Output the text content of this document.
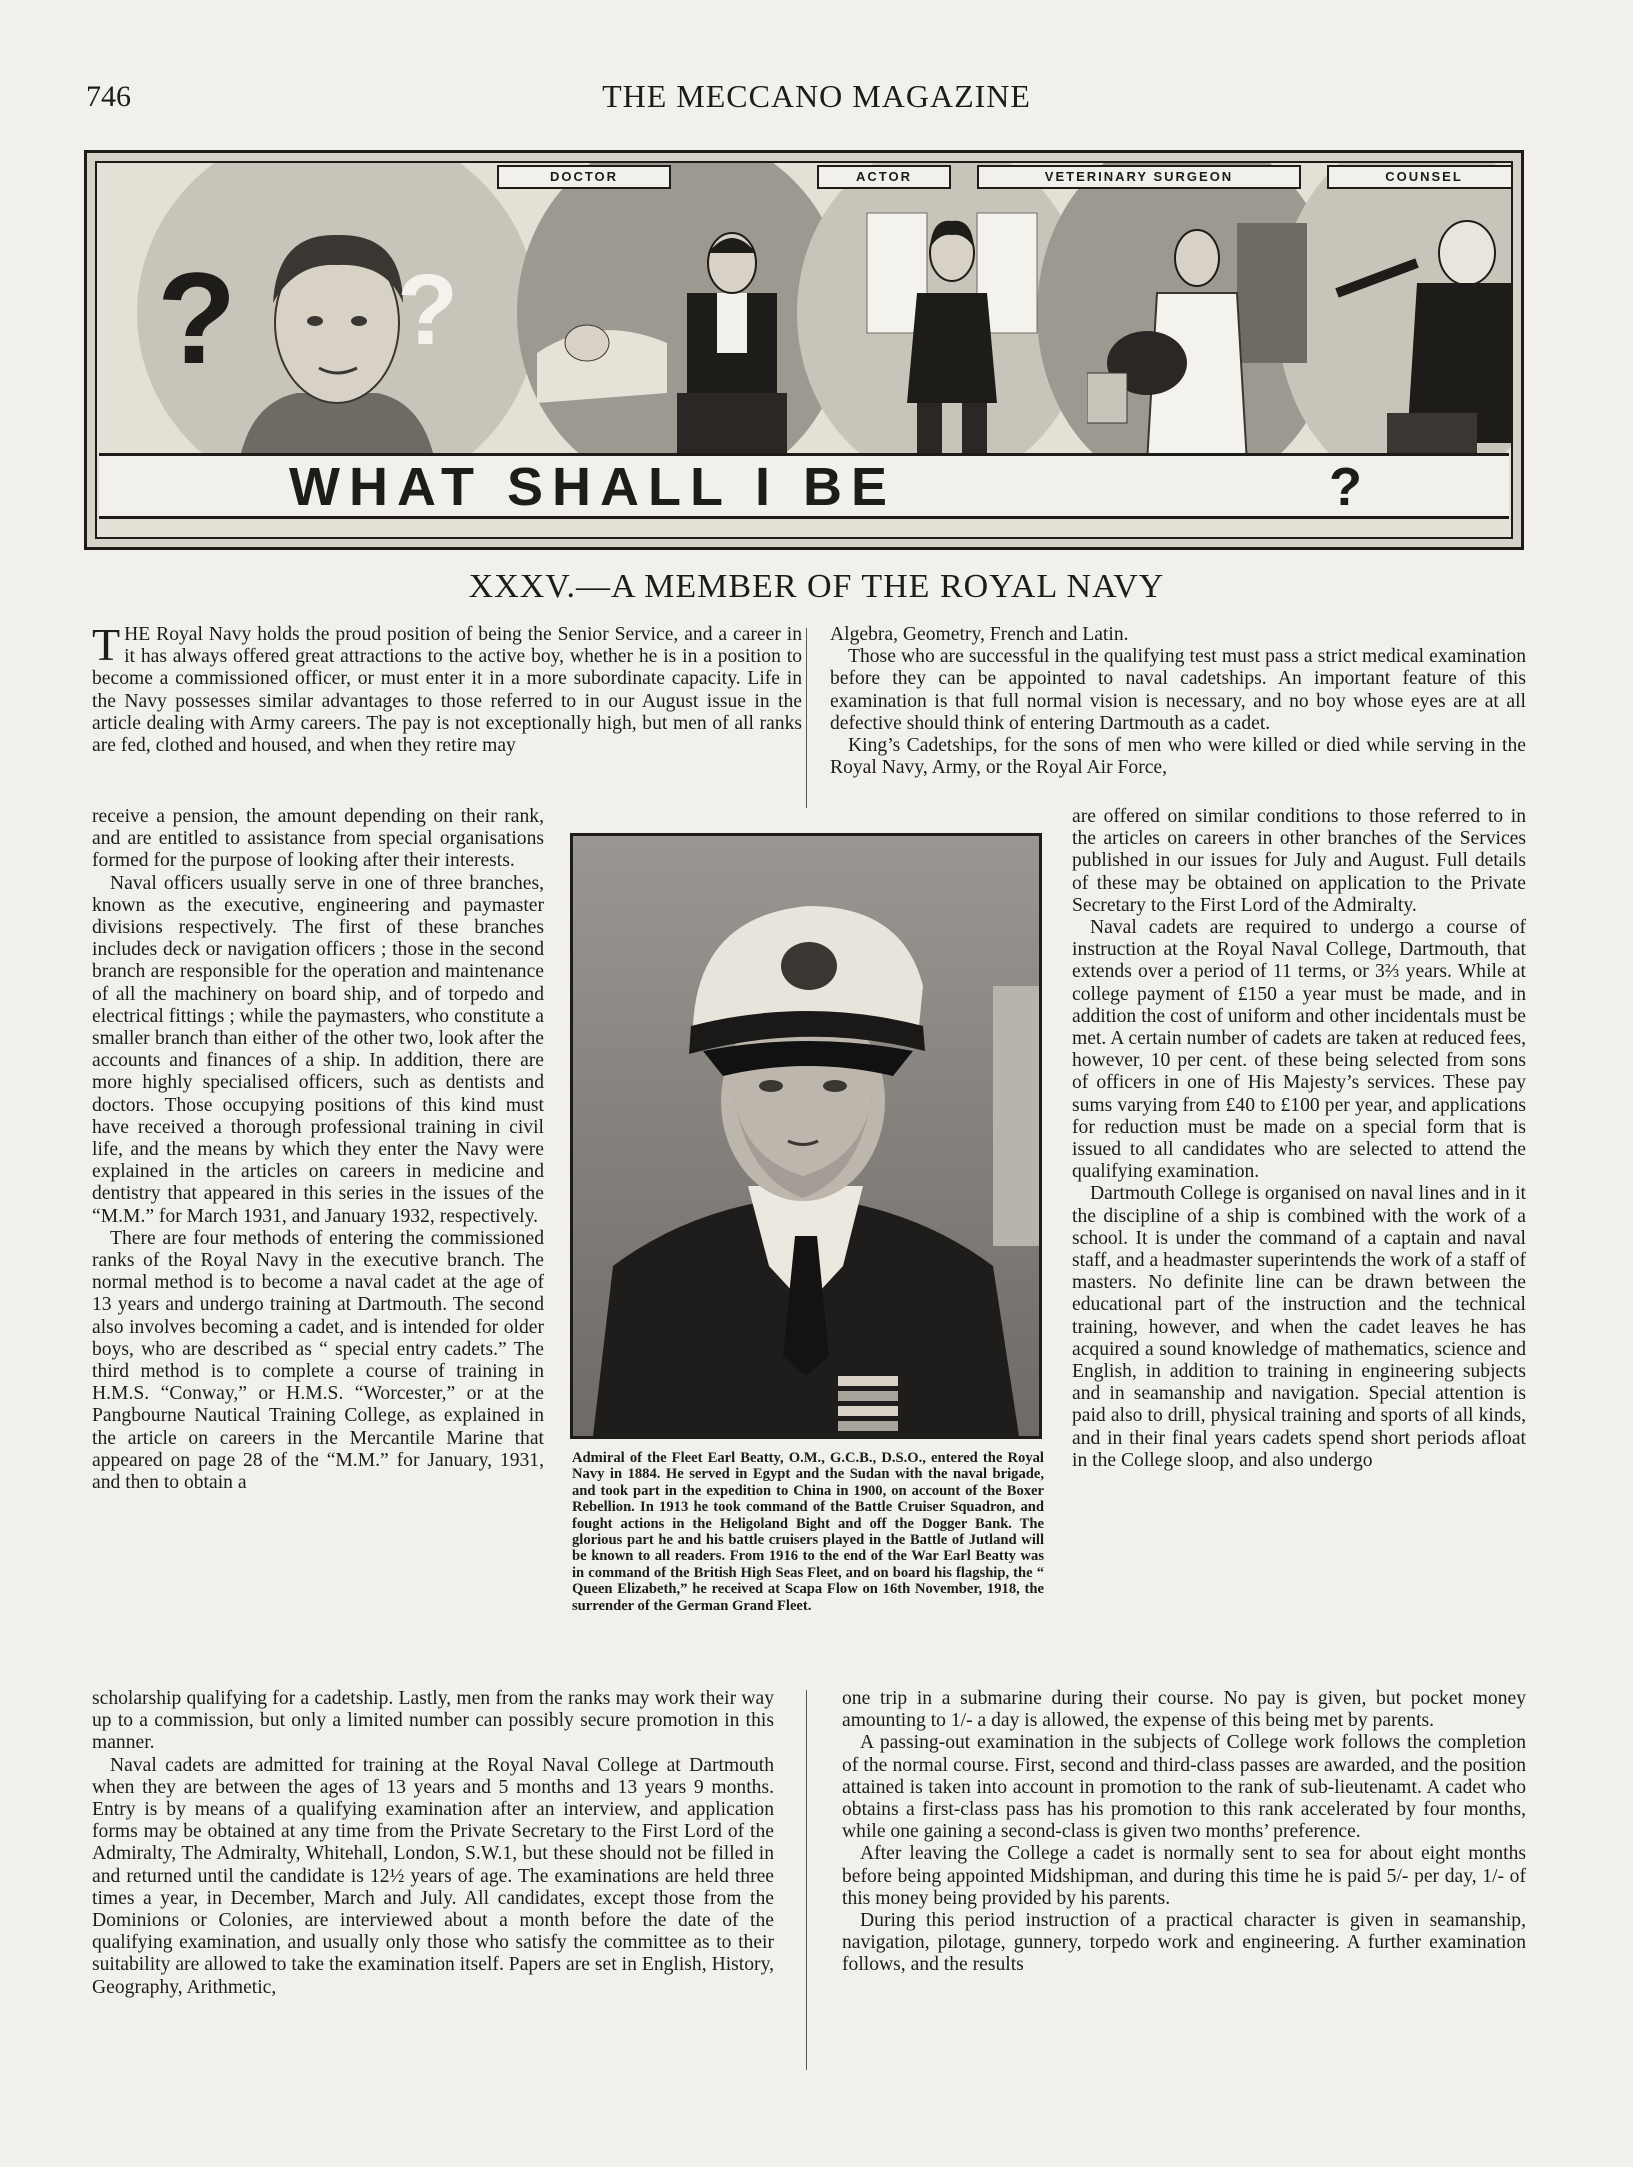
746	THE MECCANO MAGAZINE
DOCTOR	ACTOR	VETERINARY SURGEON	COUNSEL
? ?
WHAT SHALL I BE	?
XXXV.—A MEMBER OF THE ROYAL NAVY

THE Royal Navy holds the proud position of being the Senior Service, and a career in it has always offered great attractions to the active boy, whether he is in a position to become a commissioned officer, or must enter it in a more subordinate capacity. Life in the Navy possesses similar advantages to those referred to in our August issue in the article dealing with Army careers. The pay is not exceptionally high, but men of all ranks are fed, clothed and housed, and when they retire may

Algebra, Geometry, French and Latin.

Those who are successful in the qualifying test must pass a strict medical examination before they can be appointed to naval cadetships. An important feature of this examination is that full normal vision is necessary, and no boy whose eyes are at all defective should think of entering Dartmouth as a cadet.

King’s Cadetships, for the sons of men who were killed or died while serving in the Royal Navy, Army, or the Royal Air Force,

receive a pension, the amount depending on their rank, and are entitled to assistance from special organisations formed for the purpose of looking after their interests.

Naval officers usually serve in one of three branches, known as the executive, engineering and paymaster divisions respectively. The first of these branches includes deck or navigation officers ; those in the second branch are responsible for the operation and maintenance of all the machinery on board ship, and of torpedo and electrical fittings ; while the paymasters, who constitute a smaller branch than either of the other two, look after the accounts and finances of a ship. In addition, there are more highly specialised officers, such as dentists and doctors. Those occupying positions of this kind must have received a thorough professional training in civil life, and the means by which they enter the Navy were explained in the articles on careers in medicine and dentistry that appeared in this series in the issues of the “M.M.” for March 1931, and January 1932, respectively.

There are four methods of entering the commissioned ranks of the Royal Navy in the executive branch. The normal method is to become a naval cadet at the age of 13 years and undergo training at Dartmouth. The second also involves becoming a cadet, and is intended for older boys, who are described as “ special entry cadets.” The third method is to complete a course of training in H.M.S. “Conway,” or H.M.S. “Worcester,” or at the Pangbourne Nautical Training College, as explained in the article on careers in the Mercantile Marine that appeared on page 28 of the “M.M.” for January, 1931, and then to obtain a

Admiral of the Fleet Earl Beatty, O.M., G.C.B., D.S.O., entered the Royal Navy in 1884. He served in Egypt and the Sudan with the naval brigade, and took part in the expedition to China in 1900, on account of the Boxer Rebellion. In 1913 he took command of the Battle Cruiser Squadron, and fought actions in the Heligoland Bight and off the Dogger Bank. The glorious part he and his battle cruisers played in the Battle of Jutland will be known to all readers. From 1916 to the end of the War Earl Beatty was in command of the British High Seas Fleet, and on board his flagship, the “ Queen Elizabeth,” he received at Scapa Flow on 16th November, 1918, the surrender of the German Grand Fleet.

are offered on similar conditions to those referred to in the articles on careers in other branches of the Services published in our issues for July and August. Full details of these may be obtained on application to the Private Secretary to the First Lord of the Admiralty.

Naval cadets are required to undergo a course of instruction at the Royal Naval College, Dartmouth, that extends over a period of 11 terms, or 3⅔ years. While at college payment of £150 a year must be made, and in addition the cost of uniform and other incidentals must be met. A certain number of cadets are taken at reduced fees, however, 10 per cent. of these being selected from sons of officers in one of His Majesty’s services. These pay sums varying from £40 to £100 per year, and applications for reduction must be made on a special form that is issued to all candidates who are selected to attend the qualifying examination.

Dartmouth College is organised on naval lines and in it the discipline of a ship is combined with the work of a school. It is under the command of a captain and naval staff, and a headmaster superintends the work of a staff of masters. No definite line can be drawn between the educational part of the instruction and the technical training, however, and when the cadet leaves he has acquired a sound knowledge of mathematics, science and English, in addition to training in engineering subjects and in seamanship and navigation. Special attention is paid also to drill, physical training and sports of all kinds, and in their final years cadets spend short periods afloat in the College sloop, and also undergo

scholarship qualifying for a cadetship. Lastly, men from the ranks may work their way up to a commission, but only a limited number can possibly secure promotion in this manner.

Naval cadets are admitted for training at the Royal Naval College at Dartmouth when they are between the ages of 13 years and 5 months and 13 years 9 months. Entry is by means of a qualifying examination after an interview, and application forms may be obtained at any time from the Private Secretary to the First Lord of the Admiralty, The Admiralty, Whitehall, London, S.W.1, but these should not be filled in and returned until the candidate is 12½ years of age. The examinations are held three times a year, in December, March and July. All candidates, except those from the Dominions or Colonies, are interviewed about a month before the date of the qualifying examination, and usually only those who satisfy the committee as to their suitability are allowed to take the examination itself. Papers are set in English, History, Geography, Arithmetic,

one trip in a submarine during their course. No pay is given, but pocket money amounting to 1/- a day is allowed, the expense of this being met by parents.

A passing-out examination in the subjects of College work follows the completion of the normal course. First, second and third-class passes are awarded, and the position attained is taken into account in promotion to the rank of sub-lieutenamt. A cadet who obtains a first-class pass has his promotion to this rank accelerated by four months, while one gaining a second-class is given two months’ preference.

After leaving the College a cadet is normally sent to sea for about eight months before being appointed Midshipman, and during this time he is paid 5/- per day, 1/- of this money being provided by his parents.

During this period instruction of a practical character is given in seamanship, navigation, pilotage, gunnery, torpedo work and engineering. A further examination follows, and the results
